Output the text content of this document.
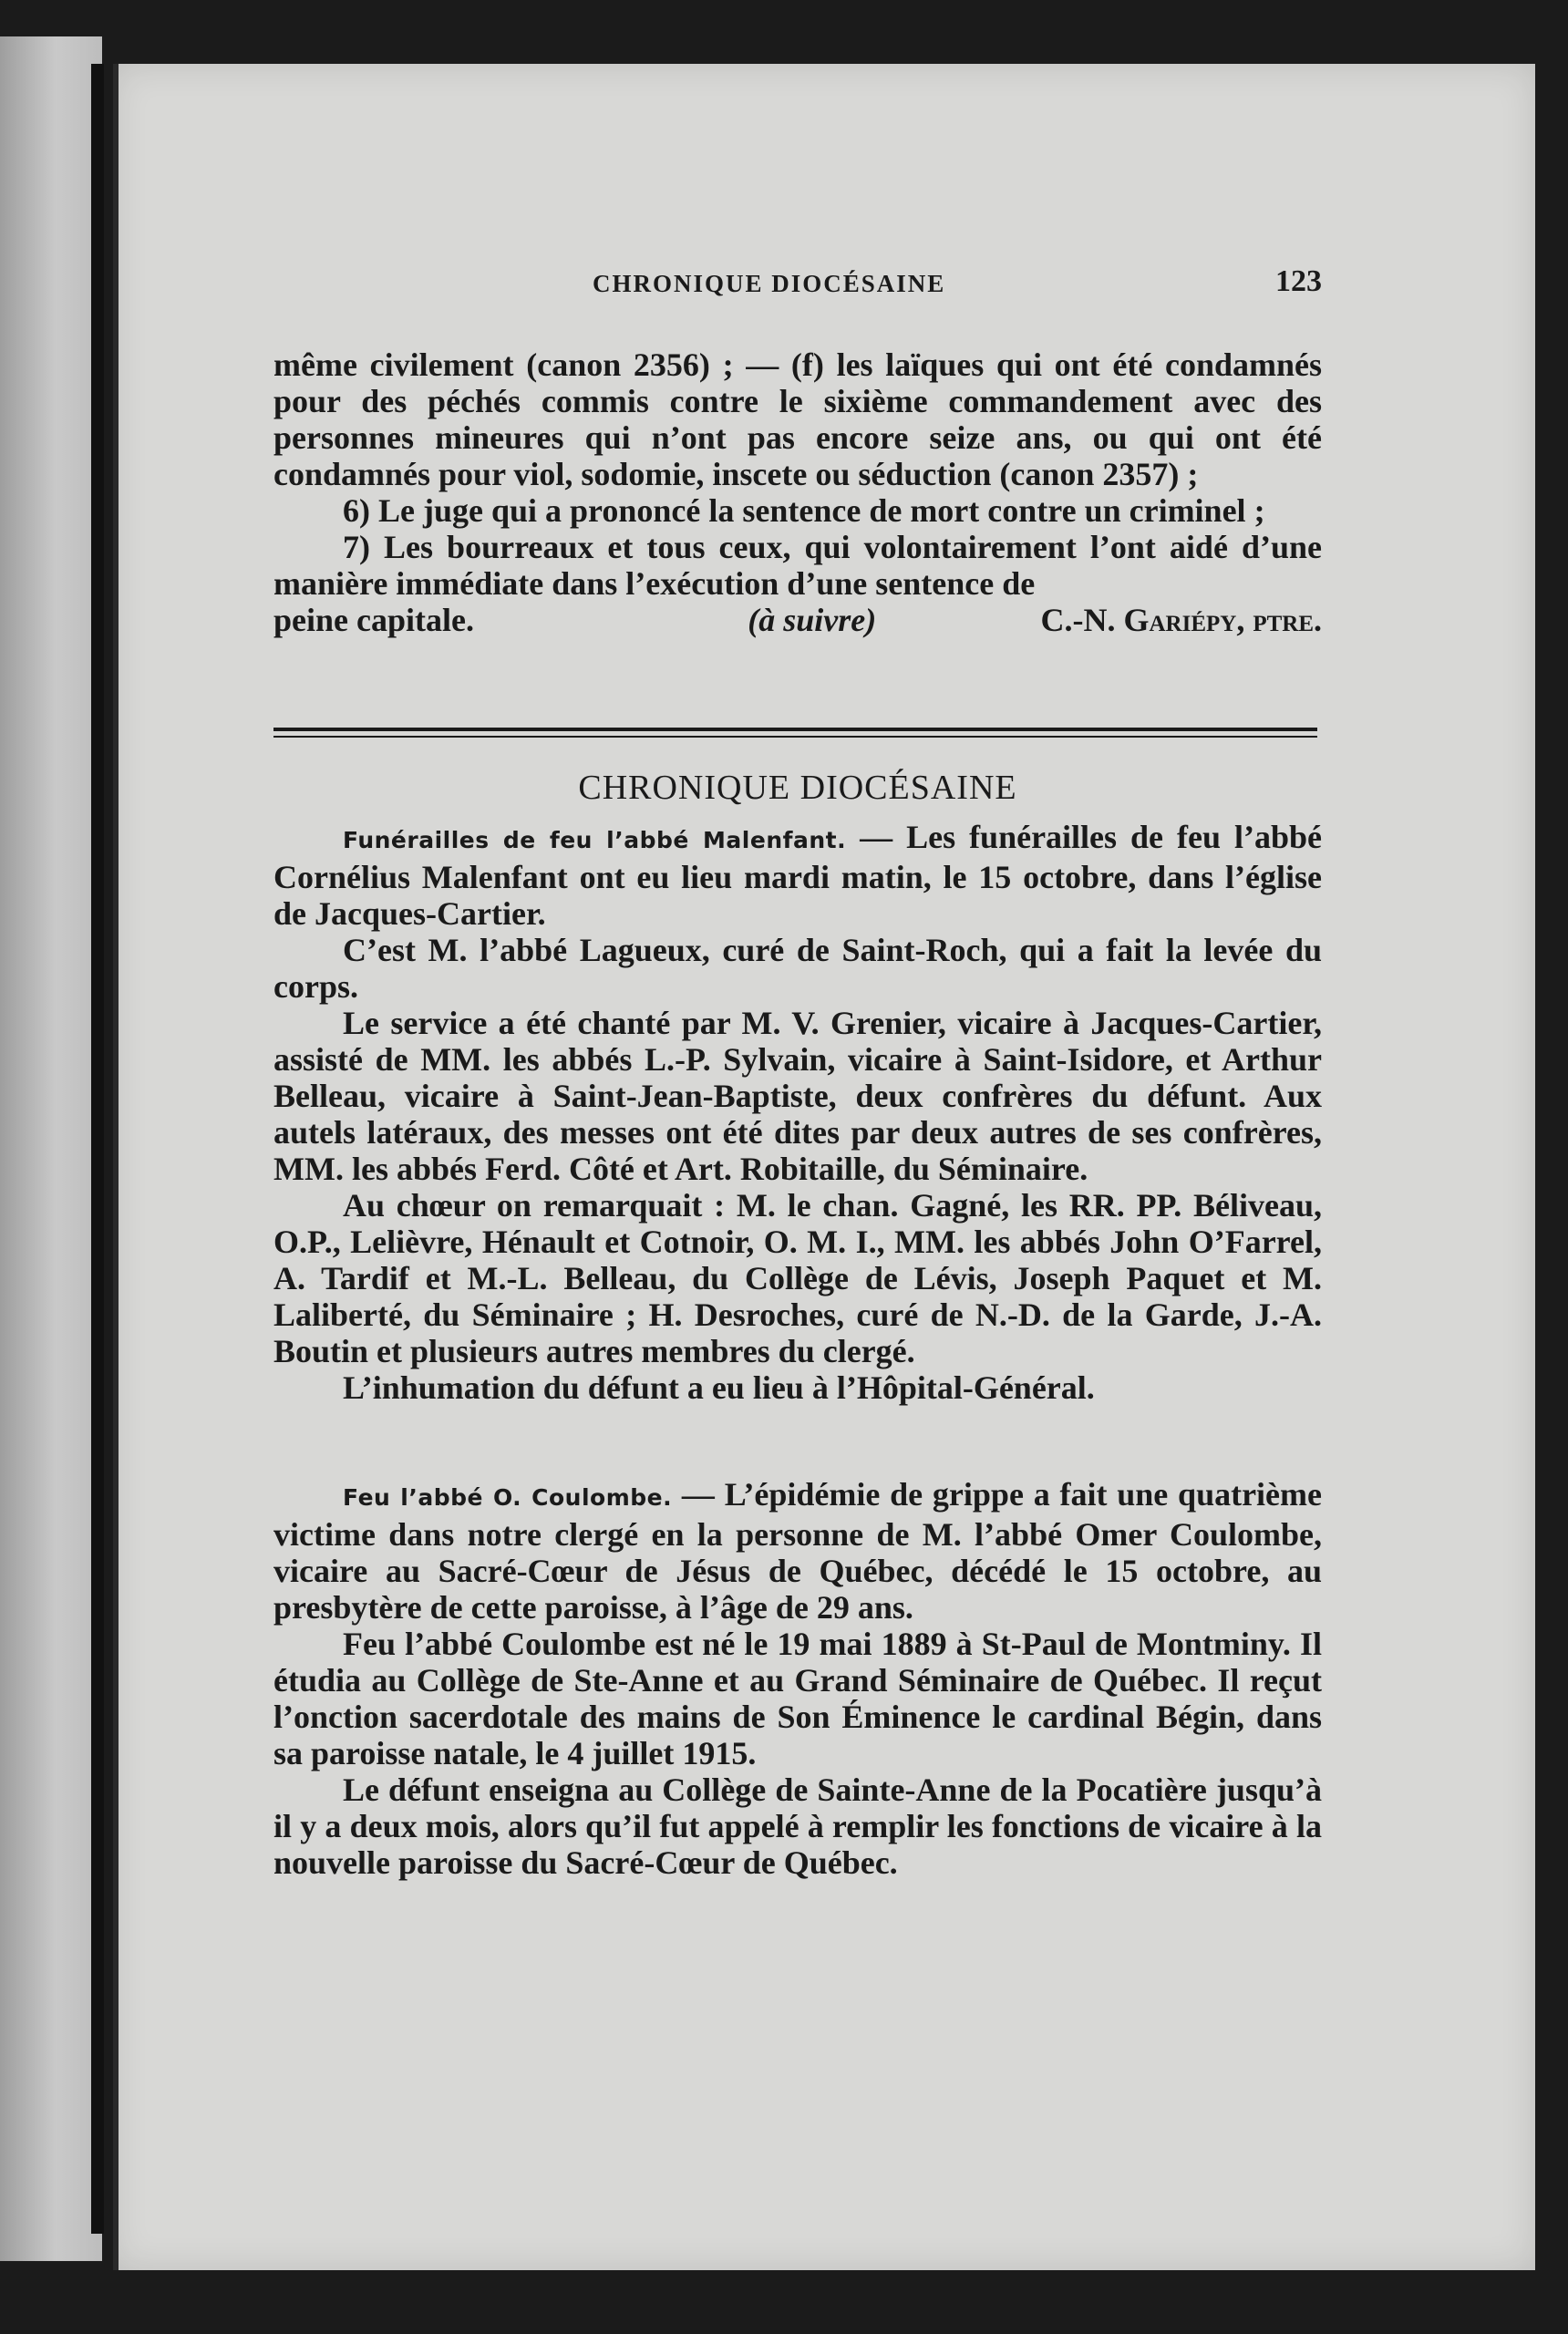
CHRONIQUE DIOCÉSAINE	123

même civilement (canon 2356) ; — (f) les laïques qui ont été condamnés pour des péchés commis contre le sixième commandement avec des personnes mineures qui n’ont pas encore seize ans, ou qui ont été condamnés pour viol, sodomie, inscete ou séduction (canon 2357) ;

6) Le juge qui a prononcé la sentence de mort contre un criminel ;

7) Les bourreaux et tous ceux, qui volontairement l’ont aidé d’une manière immédiate dans l’exécution d’une sentence de

peine capitale.	(à suivre)	C.-N. Gariépy, ptre.
CHRONIQUE DIOCÉSAINE

Funérailles de feu l’abbé Malenfant. — Les funérailles de feu l’abbé Cornélius Malenfant ont eu lieu mardi matin, le 15 octobre, dans l’église de Jacques-Cartier.

C’est M. l’abbé Lagueux, curé de Saint-Roch, qui a fait la levée du corps.

Le service a été chanté par M. V. Grenier, vicaire à Jacques-Cartier, assisté de MM. les abbés L.-P. Sylvain, vicaire à Saint-Isidore, et Arthur Belleau, vicaire à Saint-Jean-Baptiste, deux confrères du défunt. Aux autels latéraux, des messes ont été dites par deux autres de ses confrères, MM. les abbés Ferd. Côté et Art. Robitaille, du Séminaire.

Au chœur on remarquait : M. le chan. Gagné, les RR. PP. Béliveau, O.P., Lelièvre, Hénault et Cotnoir, O. M. I., MM. les abbés John O’Farrel, A. Tardif et M.-L. Belleau, du Collège de Lévis, Joseph Paquet et M. Laliberté, du Séminaire ; H. Desroches, curé de N.-D. de la Garde, J.-A. Boutin et plusieurs autres membres du clergé.

L’inhumation du défunt a eu lieu à l’Hôpital-Général.

Feu l’abbé O. Coulombe. — L’épidémie de grippe a fait une quatrième victime dans notre clergé en la personne de M. l’abbé Omer Coulombe, vicaire au Sacré-Cœur de Jésus de Québec, décédé le 15 octobre, au presbytère de cette paroisse, à l’âge de 29 ans.

Feu l’abbé Coulombe est né le 19 mai 1889 à St-Paul de Montminy. Il étudia au Collège de Ste-Anne et au Grand Séminaire de Québec. Il reçut l’onction sacerdotale des mains de Son Éminence le cardinal Bégin, dans sa paroisse natale, le 4 juillet 1915.

Le défunt enseigna au Collège de Sainte-Anne de la Pocatière jusqu’à il y a deux mois, alors qu’il fut appelé à remplir les fonctions de vicaire à la nouvelle paroisse du Sacré-Cœur de Québec.
